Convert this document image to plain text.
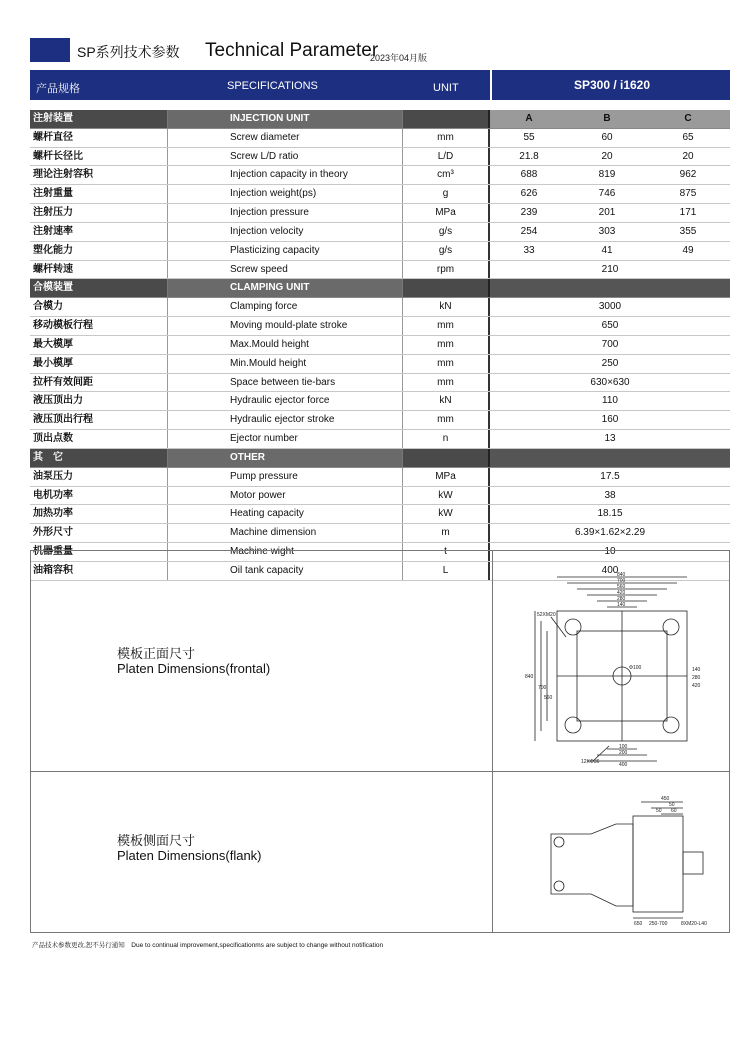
SP系列技术参数 Technical Parameter
2023年04月版
产品规格	SPECIFICATIONS	UNIT	SP300 / i1620
注射装置	INJECTION UNIT	A	B	C
螺杆直径	Screw diameter	mm	55	60	65
螺杆长径比	Screw L/D ratio	L/D	21.8	20	20
理论注射容积	Injection capacity in theory	cm³	688	819	962
注射重量	Injection weight(ps)	g	626	746	875
注射压力	Injection pressure	MPa	239	201	171
注射速率	Injection velocity	g/s	254	303	355
塑化能力	Plasticizing capacity	g/s	33	41	49
螺杆转速	Screw speed	rpm	210
合模装置	CLAMPING UNIT
合模力	Clamping force	kN	3000
移动模板行程	Moving mould-plate stroke	mm	650
最大模厚	Max.Mould height	mm	700
最小模厚	Min.Mould height	mm	250
拉杆有效间距	Space between tie-bars	mm	630×630
液压顶出力	Hydraulic ejector force	kN	110
液压顶出行程	Hydraulic ejector stroke	mm	160
顶出点数	Ejector number	n	13
其　它	OTHER
油泵压力	Pump pressure	MPa	17.5
电机功率	Motor power	kW	38
加热功率	Heating capacity	kW	18.15
外形尺寸	Machine dimension	m	6.39×1.62×2.29
机器重量	Machine wight	t	10
油箱容积	Oil tank capacity	L	400
模板正面尺寸
Platen Dimensions(frontal)
840
700
560
420
280
140
840
700
560
140
280
420
100
200
400
52XM20
12XΦ36
Φ100
模板侧面尺寸
Platen Dimensions(flank)
450
50
50 60
650 250-700	8XM20-L40
产品技术参数更改,恕不另行通知　Due to continual improvement,specificationms are subject to change without notification
